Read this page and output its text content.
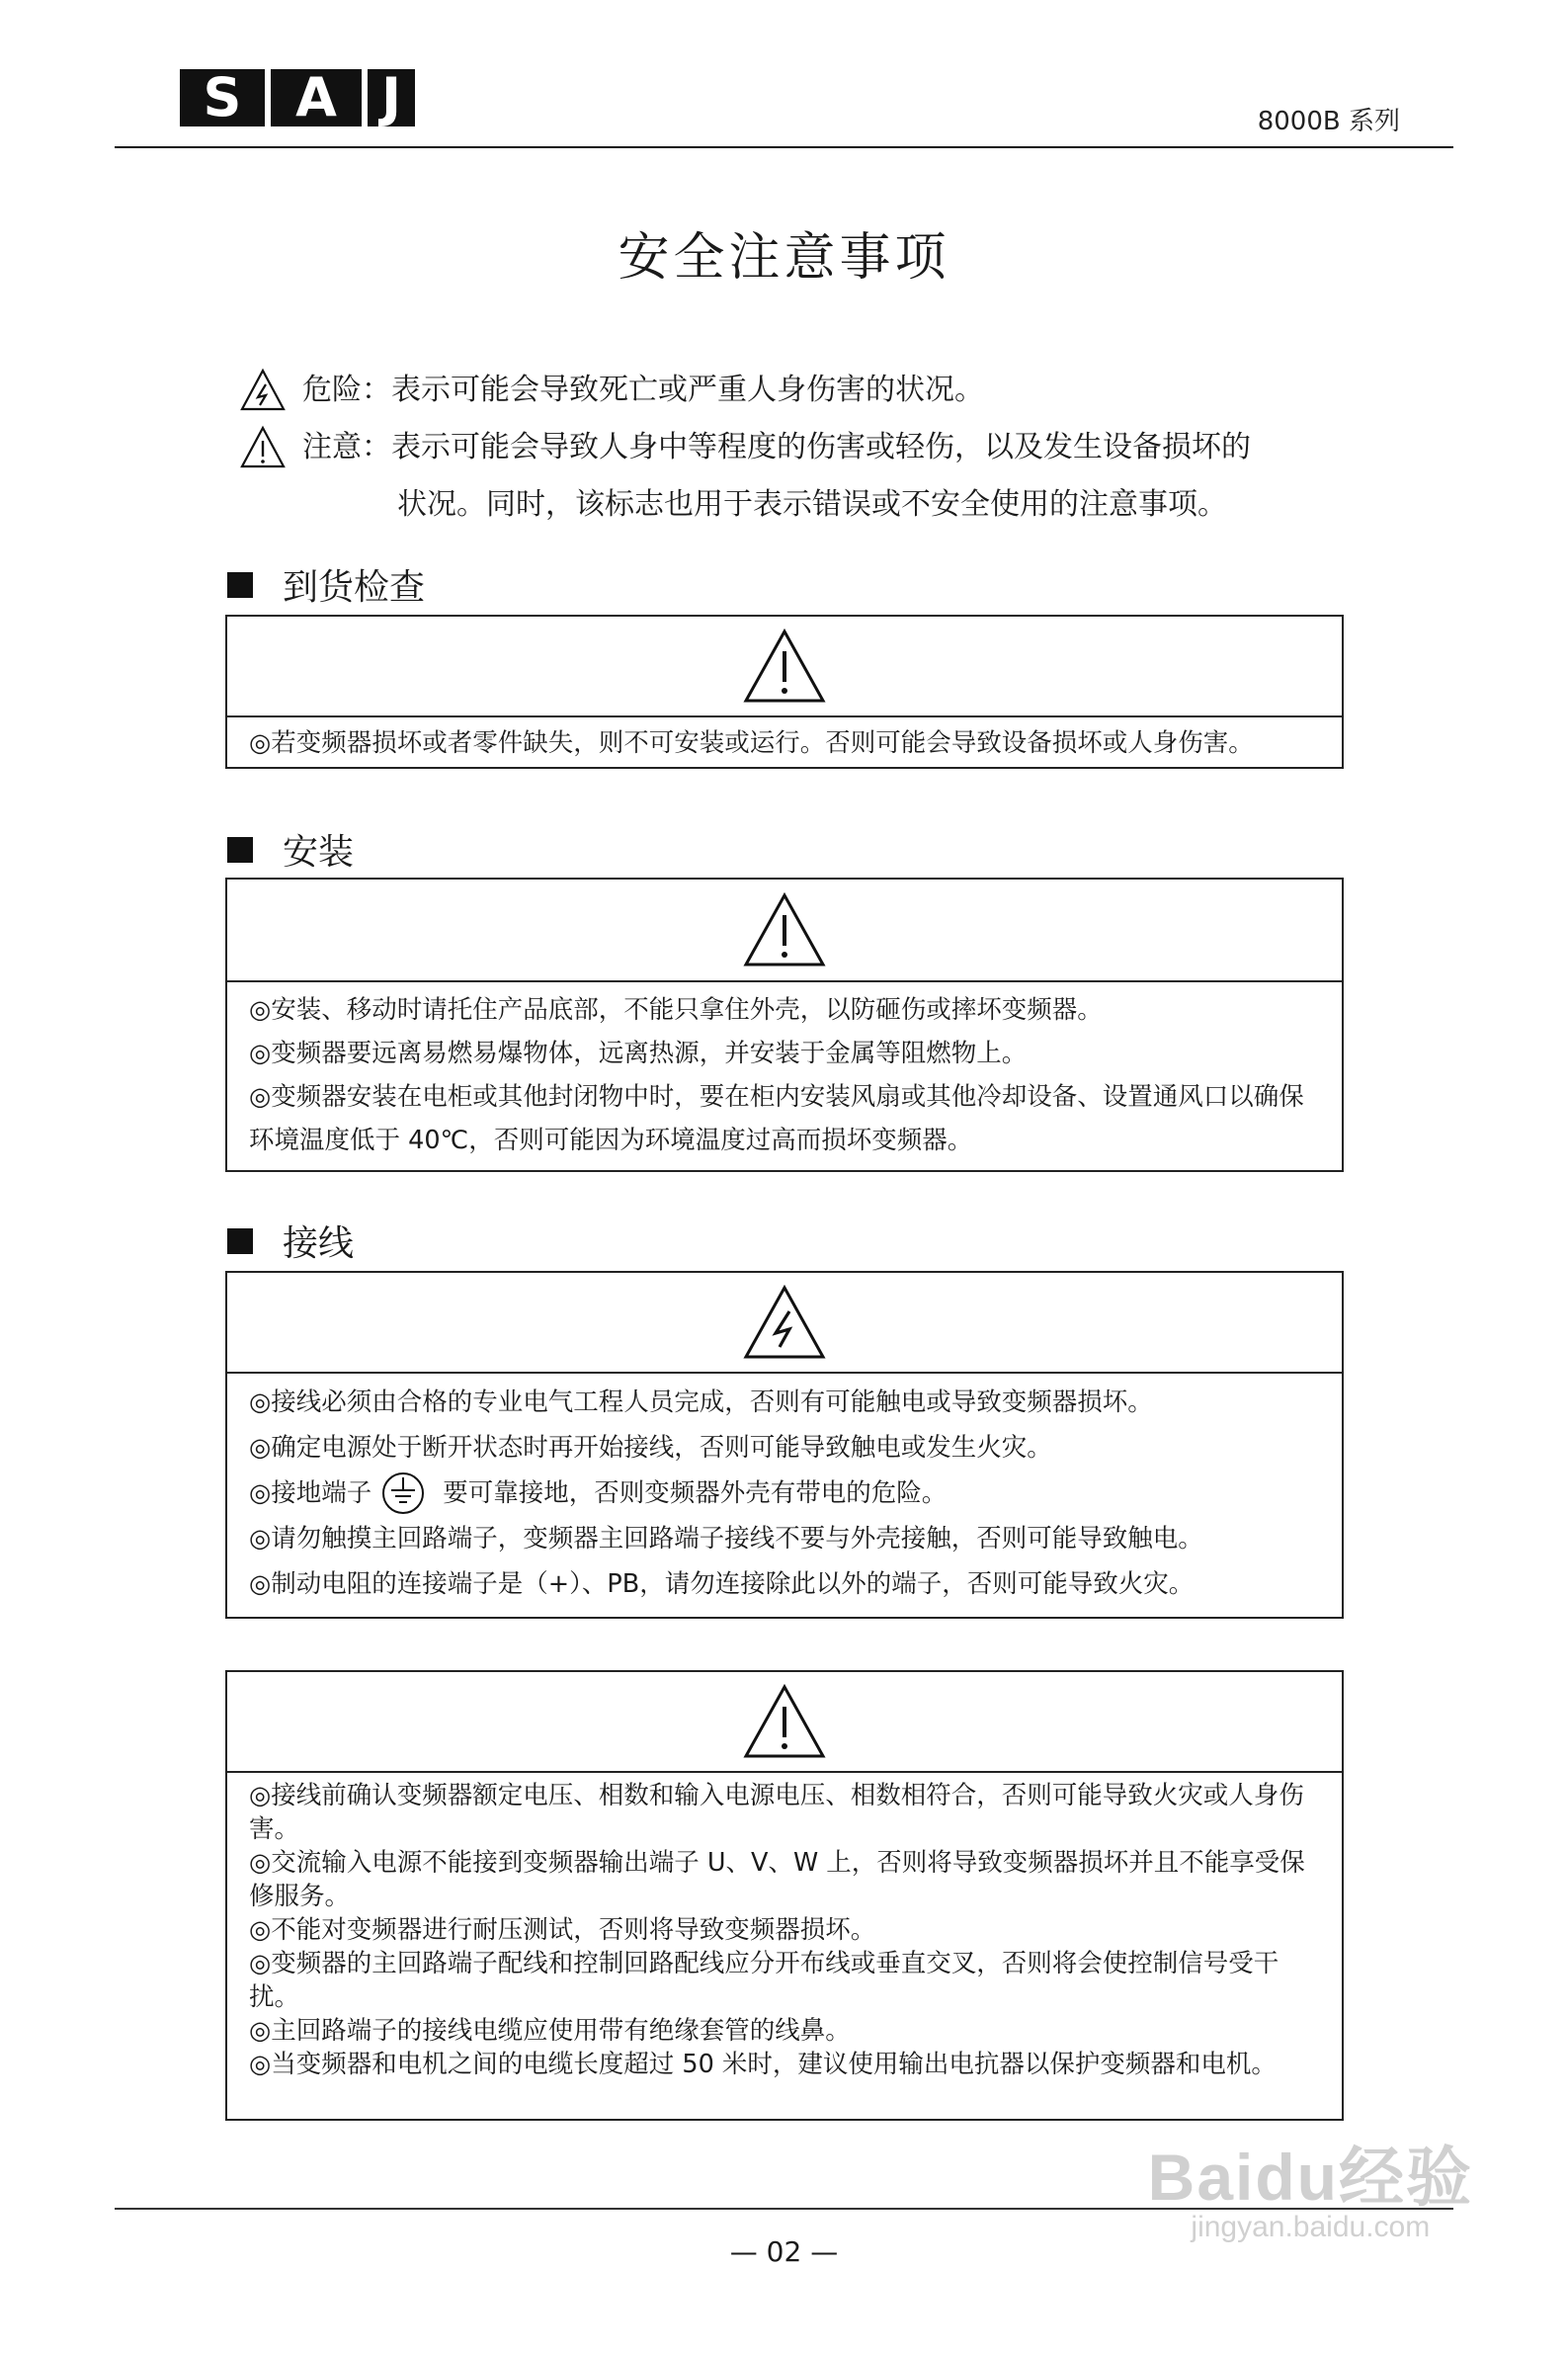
S	A J	8000B 系列
安全注意事项
危险： 表示可能会导致死亡或严重人身伤害的状况。
注意： 表示可能会导致人身中等程度的伤害或轻伤，以及发生设备损坏的
状况。同时，该标志也用于表示错误或不安全使用的注意事项。
到货检查

◎若变频器损坏或者零件缺失，则不可安装或运行。否则可能会导致设备损坏或人身伤害。

安装

◎安装、移动时请托住产品底部，不能只拿住外壳，以防砸伤或摔坏变频器。

◎变频器要远离易燃易爆物体，远离热源，并安装于金属等阻燃物上。

◎变频器安装在电柜或其他封闭物中时，要在柜内安装风扇或其他冷却设备、设置通风口以确保环境温度低于 40℃，否则可能因为环境温度过高而损坏变频器。

接线

◎接线必须由合格的专业电气工程人员完成，否则有可能触电或导致变频器损坏。

◎确定电源处于断开状态时再开始接线，否则可能导致触电或发生火灾。

◎接地端子	要可靠接地，否则变频器外壳有带电的危险。

◎请勿触摸主回路端子，变频器主回路端子接线不要与外壳接触，否则可能导致触电。

◎制动电阻的连接端子是（+）、PB，请勿连接除此以外的端子，否则可能导致火灾。

◎接线前确认变频器额定电压、相数和输入电源电压、相数相符合，否则可能导致火灾或人身伤害。

◎交流输入电源不能接到变频器输出端子 U、V、W 上，否则将导致变频器损坏并且不能享受保修服务。

◎不能对变频器进行耐压测试，否则将导致变频器损坏。

◎变频器的主回路端子配线和控制回路配线应分开布线或垂直交叉，否则将会使控制信号受干扰。

◎主回路端子的接线电缆应使用带有绝缘套管的线鼻。

◎当变频器和电机之间的电缆长度超过 50 米时，建议使用输出电抗器以保护变频器和电机。

— 02 —
Baidu经验
jingyan.baidu.com
